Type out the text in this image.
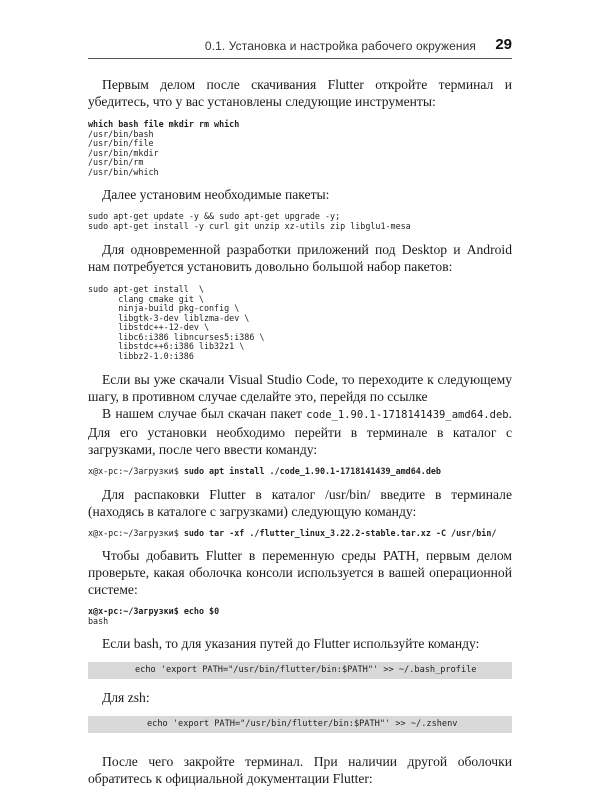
0.1. Установка и настройка рабочего окружения 29

Первым делом после скачивания Flutter откройте терминал и убедитесь, что у вас установлены следующие инструменты:

which bash file mkdir rm which
/usr/bin/bash
/usr/bin/file
/usr/bin/mkdir
/usr/bin/rm
/usr/bin/which

Далее установим необходимые пакеты:

sudo apt-get update -y && sudo apt-get upgrade -y;
sudo apt-get install -y curl git unzip xz-utils zip libglu1-mesa

Для одновременной разработки приложений под Desktop и Android нам потребуется установить довольно большой набор пакетов:

sudo apt-get install  \
clang cmake git \
ninja-build pkg-config \
libgtk-3-dev liblzma-dev \
libstdc++-12-dev \
libc6:i386 libncurses5:i386 \
libstdc++6:i386 lib32z1 \
libbz2-1.0:i386

Если вы уже скачали Visual Studio Code, то переходите к следующему шагу, в противном случае сделайте это, перейдя по ссылке

В нашем случае был скачан пакет code_1.90.1-1718141439_amd64.deb. Для его установки необходимо перейти в терминале в каталог с загрузками, после чего ввести команду:

x@x-pc:~/Загрузки$ sudo apt install ./code_1.90.1-1718141439_amd64.deb

Для распаковки Flutter в каталог /usr/bin/ введите в терминале (находясь в каталоге с загрузками) следующую команду:

x@x-pc:~/Загрузки$ sudo tar -xf ./flutter_linux_3.22.2-stable.tar.xz -C /usr/bin/

Чтобы добавить Flutter в переменную среды PATH, первым делом проверьте, какая оболочка консоли используется в вашей операционной системе:

x@x-pc:~/Загрузки$ echo $0
bash

Если bash, то для указания путей до Flutter используйте команду:

echo 'export PATH="/usr/bin/flutter/bin:$PATH"' >> ~/.bash_profile

Для zsh:

echo 'export PATH="/usr/bin/flutter/bin:$PATH"' >> ~/.zshenv

После чего закройте терминал. При наличии другой оболочки обратитесь к официальной документации Flutter:
